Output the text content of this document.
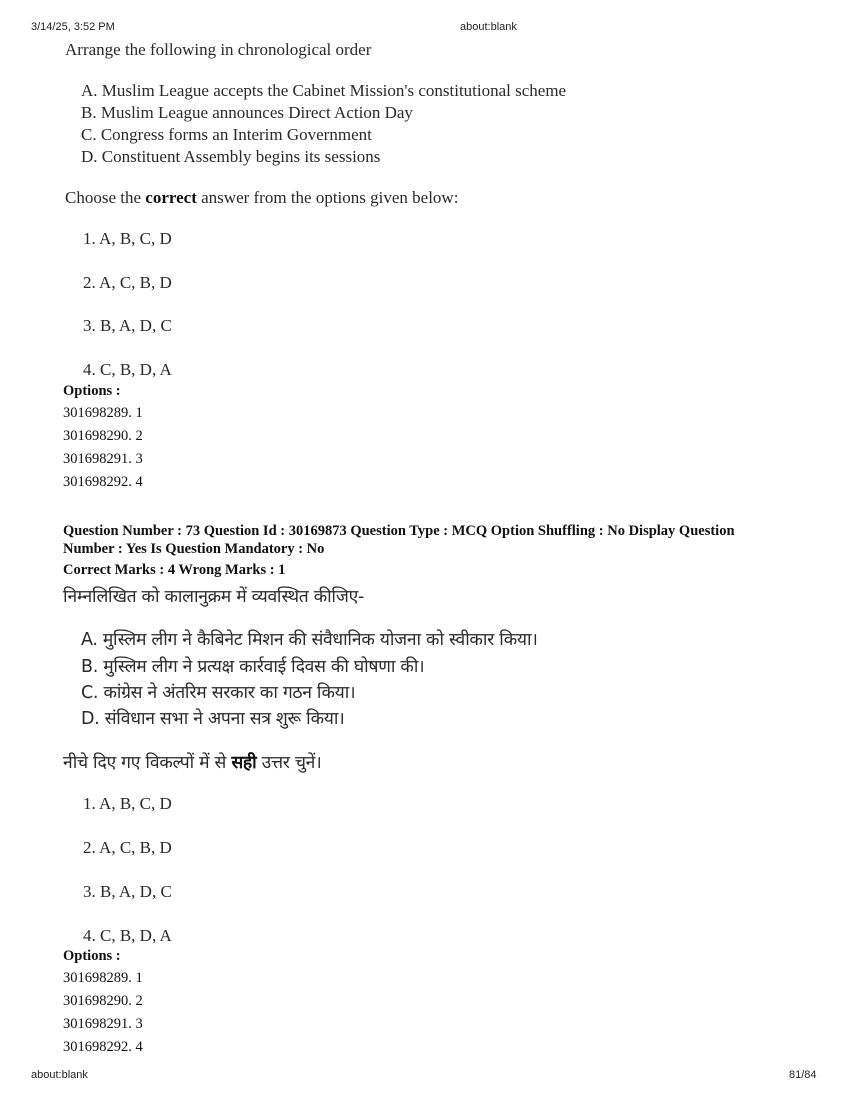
3/14/25, 3:52 PM	about:blank
Arrange the following in chronological order
A. Muslim League accepts the Cabinet Mission's constitutional scheme
B. Muslim League announces Direct Action Day
C. Congress forms an Interim Government
D. Constituent Assembly begins its sessions
Choose the correct answer from the options given below:
1. A, B, C, D
2. A, C, B, D
3. B, A, D, C
4. C, B, D, A
Options :
301698289. 1
301698290. 2
301698291. 3
301698292. 4
Question Number : 73 Question Id : 30169873 Question Type : MCQ Option Shuffling : No Display Question
Number : Yes Is Question Mandatory : No
Correct Marks : 4 Wrong Marks : 1
निम्नलिखित को कालानुक्रम में व्यवस्थित कीजिए-
A. मुस्लिम लीग ने कैबिनेट मिशन की संवैधानिक योजना को स्वीकार किया।
B. मुस्लिम लीग ने प्रत्यक्ष कार्रवाई दिवस की घोषणा की।
C. कांग्रेस ने अंतरिम सरकार का गठन किया।
D. संविधान सभा ने अपना सत्र शुरू किया।
नीचे दिए गए विकल्पों में से सही उत्तर चुनें।
1. A, B, C, D
2. A, C, B, D
3. B, A, D, C
4. C, B, D, A
Options :
301698289. 1
301698290. 2
301698291. 3
301698292. 4
about:blank	81/84
